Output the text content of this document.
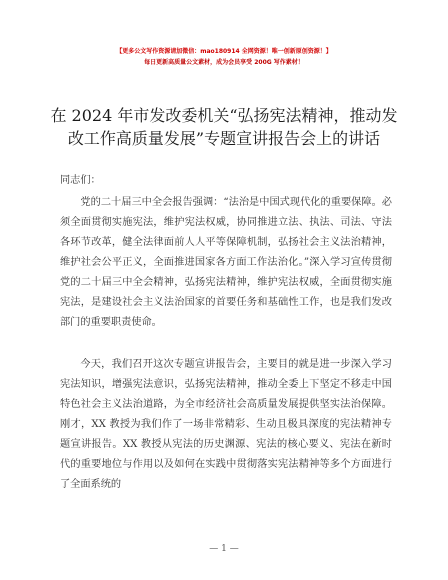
【更多公文写作资源请加微信：mao180914 全网资源！唯一创新原创资源！】
每日更新高质量公文素材，成为会员享受 200G 写作素材！
在 2024 年市发改委机关“弘扬宪法精神，推动发改工作高质量发展”专题宣讲报告会上的讲话
同志们：

党的二十届三中全会报告强调：“法治是中国式现代化的重要保障。必须全面贯彻实施宪法，维护宪法权威，协同推进立法、执法、司法、守法各环节改革，健全法律面前人人平等保障机制，弘扬社会主义法治精神，维护社会公平正义，全面推进国家各方面工作法治化。”深入学习宣传贯彻党的二十届三中全会精神，弘扬宪法精神，维护宪法权威，全面贯彻实施宪法，是建设社会主义法治国家的首要任务和基础性工作，也是我们发改部门的重要职责使命。

今天，我们召开这次专题宣讲报告会，主要目的就是进一步深入学习宪法知识，增强宪法意识，弘扬宪法精神，推动全委上下坚定不移走中国特色社会主义法治道路，为全市经济社会高质量发展提供坚实法治保障。刚才，XX 教授为我们作了一场非常精彩、生动且极具深度的宪法精神专题宣讲报告。XX 教授从宪法的历史渊源、宪法的核心要义、宪法在新时代的重要地位与作用以及如何在实践中贯彻落实宪法精神等多个方面进行了全面系统的

— 1 —
